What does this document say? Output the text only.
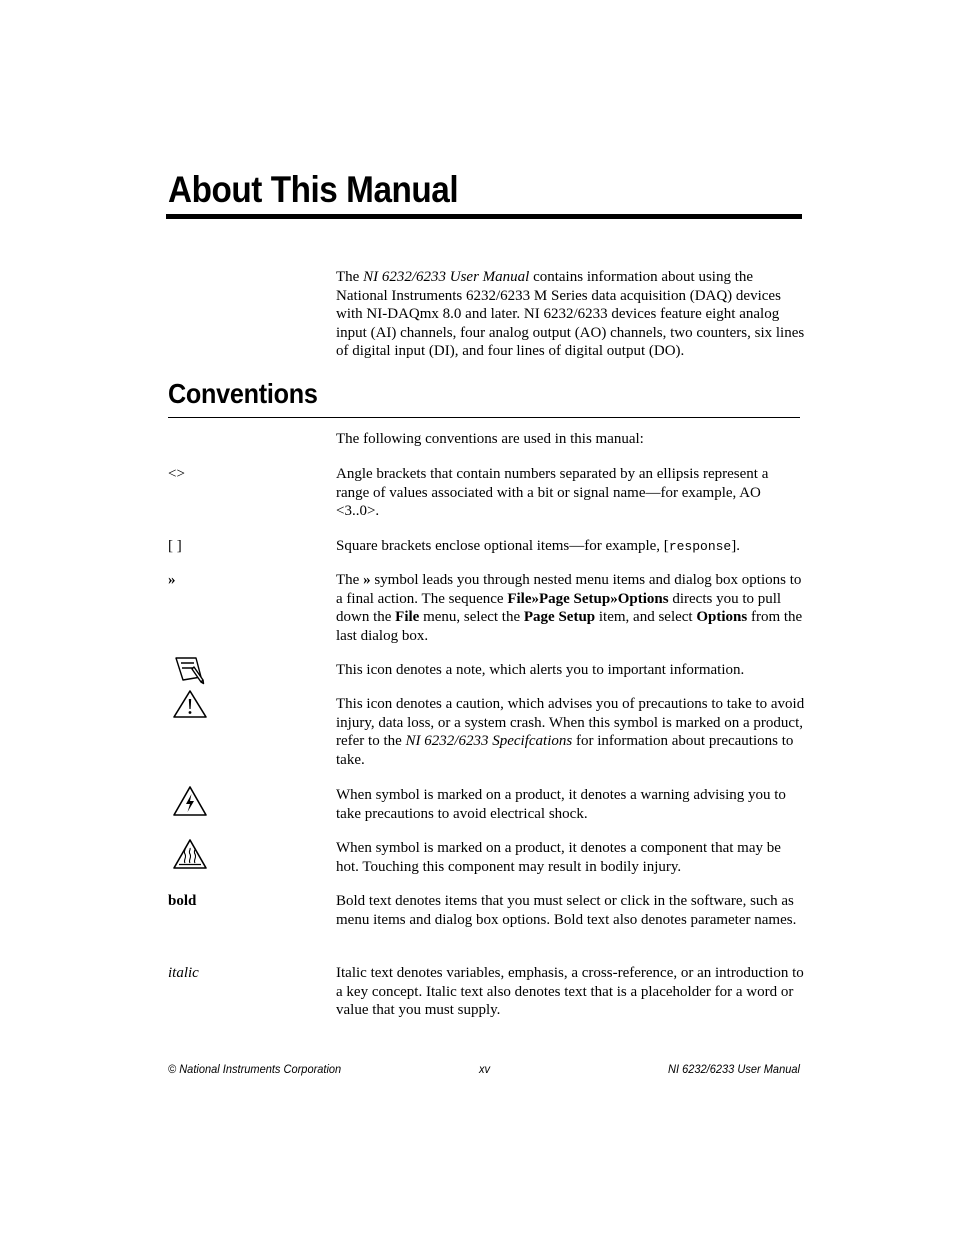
About This Manual

The NI 6232/6233 User Manual contains information about using the National Instruments 6232/6233 M Series data acquisition (DAQ) devices with NI-DAQmx 8.0 and later. NI 6232/6233 devices feature eight analog input (AI) channels, four analog output (AO) channels, two counters, six lines of digital input (DI), and four lines of digital output (DO).

Conventions

The following conventions are used in this manual:

<>	Angle brackets that contain numbers separated by an ellipsis represent a range of values associated with a bit or signal name—for example, AO <3..0>.

[ ]	Square brackets enclose optional items—for example, [response].

»	The » symbol leads you through nested menu items and dialog box options to a final action. The sequence File»Page Setup»Options directs you to pull down the File menu, select the Page Setup item, and select Options from the last dialog box.

This icon denotes a note, which alerts you to important information.

This icon denotes a caution, which advises you of precautions to take to avoid injury, data loss, or a system crash. When this symbol is marked on a product, refer to the NI 6232/6233 Specifcations for information about precautions to take.

When symbol is marked on a product, it denotes a warning advising you to take precautions to avoid electrical shock.

When symbol is marked on a product, it denotes a component that may be hot. Touching this component may result in bodily injury.

bold	Bold text denotes items that you must select or click in the software, such as menu items and dialog box options. Bold text also denotes parameter names.

italic	Italic text denotes variables, emphasis, a cross-reference, or an introduction to a key concept. Italic text also denotes text that is a placeholder for a word or value that you must supply.

© National Instruments Corporation	xv	NI 6232/6233 User Manual
